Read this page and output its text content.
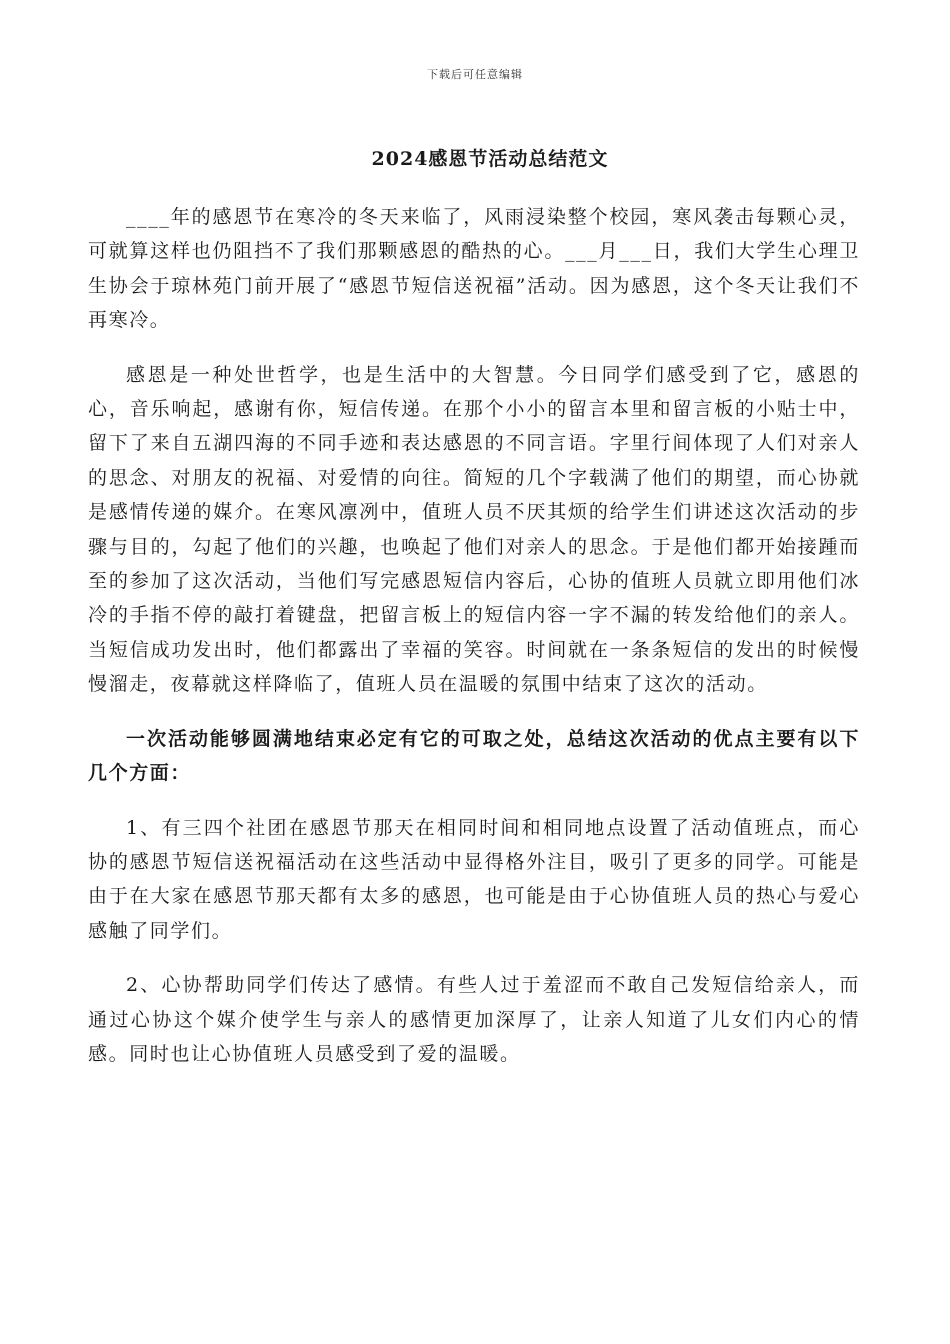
下载后可任意编辑
2024感恩节活动总结范文

____年的感恩节在寒冷的冬天来临了，风雨浸染整个校园，寒风袭击每颗心灵，可就算这样也仍阻挡不了我们那颗感恩的酷热的心。___月___日，我们大学生心理卫生协会于琼林苑门前开展了“感恩节短信送祝福”活动。因为感恩，这个冬天让我们不再寒冷。

感恩是一种处世哲学，也是生活中的大智慧。今日同学们感受到了它，感恩的心，音乐响起，感谢有你，短信传递。在那个小小的留言本里和留言板的小贴士中，留下了来自五湖四海的不同手迹和表达感恩的不同言语。字里行间体现了人们对亲人的思念、对朋友的祝福、对爱情的向往。简短的几个字载满了他们的期望，而心协就是感情传递的媒介。在寒风凛冽中，值班人员不厌其烦的给学生们讲述这次活动的步骤与目的，勾起了他们的兴趣，也唤起了他们对亲人的思念。于是他们都开始接踵而至的参加了这次活动，当他们写完感恩短信内容后，心协的值班人员就立即用他们冰冷的手指不停的敲打着键盘，把留言板上的短信内容一字不漏的转发给他们的亲人。当短信成功发出时，他们都露出了幸福的笑容。时间就在一条条短信的发出的时候慢慢溜走，夜幕就这样降临了，值班人员在温暖的氛围中结束了这次的活动。

一次活动能够圆满地结束必定有它的可取之处，总结这次活动的优点主要有以下几个方面：

1、有三四个社团在感恩节那天在相同时间和相同地点设置了活动值班点，而心协的感恩节短信送祝福活动在这些活动中显得格外注目，吸引了更多的同学。可能是由于在大家在感恩节那天都有太多的感恩，也可能是由于心协值班人员的热心与爱心感触了同学们。

2、心协帮助同学们传达了感情。有些人过于羞涩而不敢自己发短信给亲人，而通过心协这个媒介使学生与亲人的感情更加深厚了，让亲人知道了儿女们内心的情感。同时也让心协值班人员感受到了爱的温暖。
